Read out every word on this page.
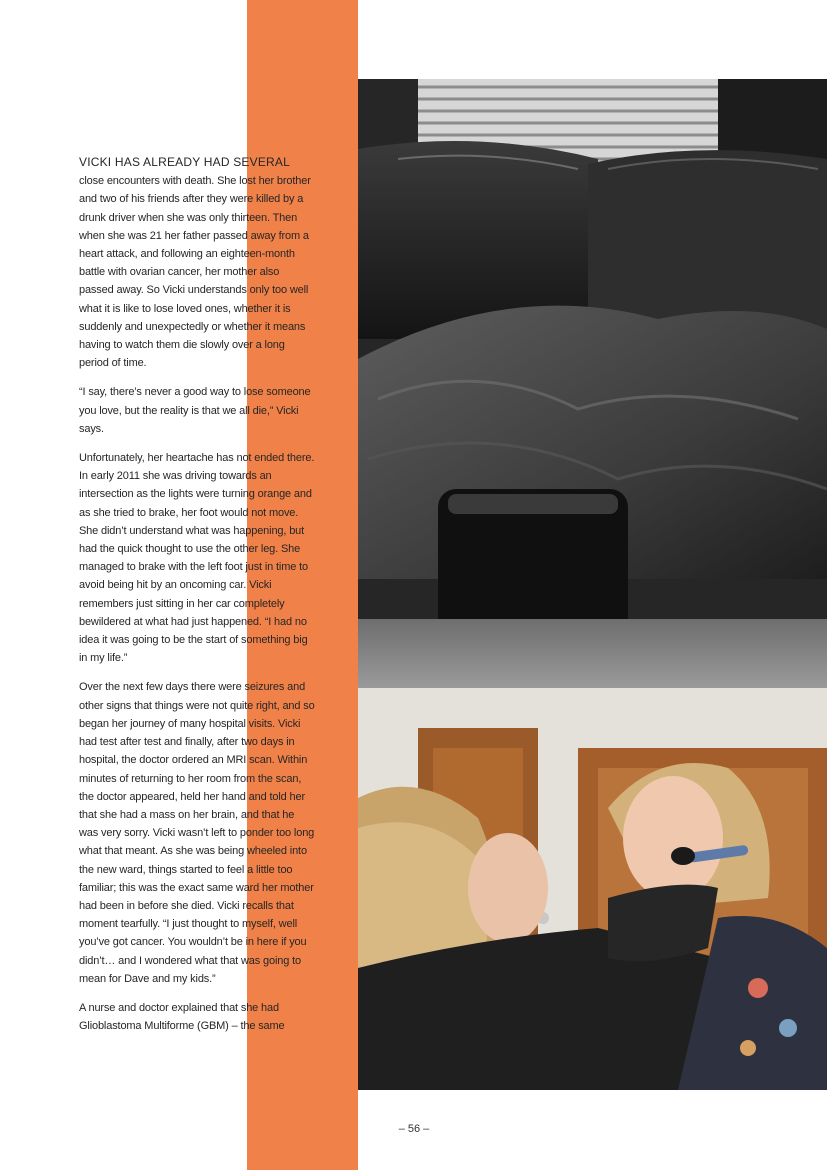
VICKI HAS ALREADY HAD SEVERAL close encounters with death. She lost her brother and two of his friends after they were killed by a drunk driver when she was only thirteen. Then when she was 21 her father passed away from a heart attack, and following an eighteen-month battle with ovarian cancer, her mother also passed away. So Vicki understands only too well what it is like to lose loved ones, whether it is suddenly and unexpectedly or whether it means having to watch them die slowly over a long period of time.

“I say, there’s never a good way to lose someone you love, but the reality is that we all die,” Vicki says.

Unfortunately, her heartache has not ended there. In early 2011 she was driving towards an intersection as the lights were turning orange and as she tried to brake, her foot would not move. She didn’t understand what was happening, but had the quick thought to use the other leg. She managed to brake with the left foot just in time to avoid being hit by an oncoming car. Vicki remembers just sitting in her car completely bewildered at what had just happened. “I had no idea it was going to be the start of something big in my life.”

Over the next few days there were seizures and other signs that things were not quite right, and so began her journey of many hospital visits. Vicki had test after test and finally, after two days in hospital, the doctor ordered an MRI scan. Within minutes of returning to her room from the scan, the doctor appeared, held her hand and told her that she had a mass on her brain, and that he was very sorry. Vicki wasn’t left to ponder too long what that meant. As she was being wheeled into the new ward, things started to feel a little too familiar; this was the exact same ward her mother had been in before she died. Vicki recalls that moment tearfully. “I just thought to myself, well you’ve got cancer. You wouldn’t be in here if you didn’t… and I wondered what that was going to mean for Dave and my kids.”

A nurse and doctor explained that she had Glioblastoma Multiforme (GBM) – the same

– 56 –
